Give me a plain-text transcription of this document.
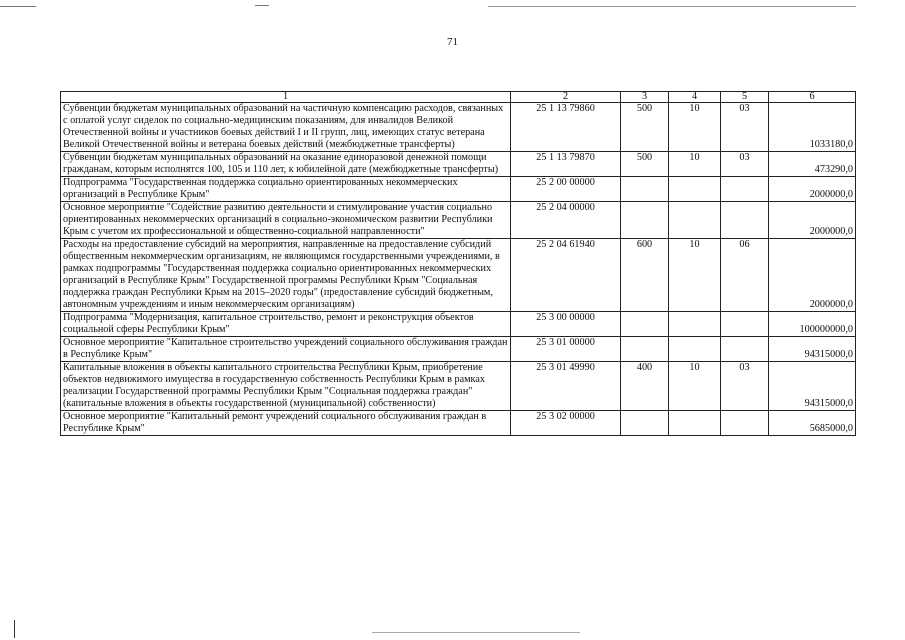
71
1	2	3	4	5	6
Субвенции бюджетам муниципальных образований на частичную компенсацию расходов, связанных с оплатой услуг сиделок по социально-медицинским показаниям, для инвалидов Великой Отечественной войны и участников боевых действий I и II групп, лиц, имеющих статус ветерана Великой Отечественной войны и ветерана боевых действий (межбюджетные трансферты)	25 1 13 79860	500	10	03	1033180,0
Субвенции бюджетам муниципальных образований на оказание единоразовой денежной помощи гражданам, которым исполнятся 100, 105 и 110 лет, к юбилейной дате (межбюджетные трансферты)	25 1 13 79870	500	10	03	473290,0
Подпрограмма "Государственная поддержка социально ориентированных некоммерческих организаций в Республике Крым"	25 2 00 00000				2000000,0
Основное мероприятие "Содействие развитию деятельности и стимулирование участия социально ориентированных некоммерческих организаций в социально-экономическом развитии Республики Крым с учетом их профессиональной и общественно-социальной направленности"	25 2 04 00000				2000000,0
Расходы на предоставление субсидий на мероприятия, направленные на предоставление субсидий общественным некоммерческим организациям, не являющимся государственными учреждениями, в рамках подпрограммы "Государственная поддержка социально ориентированных некоммерческих организаций в Республике Крым" Государственной программы Республики Крым "Социальная поддержка граждан Республики Крым на 2015–2020 годы" (предоставление субсидий бюджетным, автономным учреждениям и иным некоммерческим организациям)	25 2 04 61940	600	10	06	2000000,0
Подпрограмма "Модернизация, капитальное строительство, ремонт и реконструкция объектов социальной сферы Республики Крым"	25 3 00 00000				100000000,0
Основное мероприятие "Капитальное строительство учреждений социального обслуживания граждан в Республике Крым"	25 3 01 00000				94315000,0
Капитальные вложения в объекты капитального строительства Республики Крым, приобретение объектов недвижимого имущества в государственную собственность Республики Крым в рамках реализации Государственной программы Республики Крым "Социальная поддержка граждан" (капитальные вложения в объекты государственной (муниципальной) собственности)	25 3 01 49990	400	10	03	94315000,0
Основное мероприятие "Капитальный ремонт учреждений социального обслуживания граждан в Республике Крым"	25 3 02 00000				5685000,0
